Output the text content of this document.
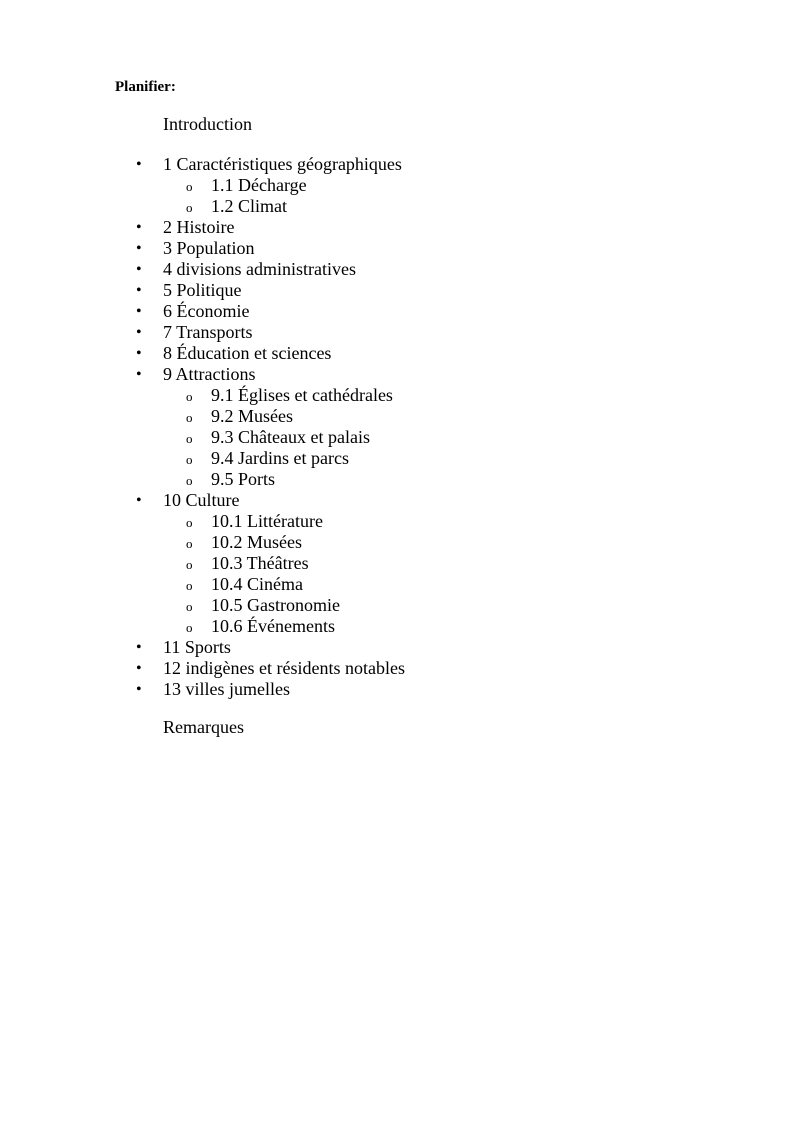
Planifier:
Introduction
•	1 Caractéristiques géographiques
o 1.1 Décharge
o 1.2 Climat
•	2 Histoire
•	3 Population
•	4 divisions administratives
•	5 Politique
•	6 Économie
•	7 Transports
•	8 Éducation et sciences
•	9 Attractions
o 9.1 Églises et cathédrales
o 9.2 Musées
o 9.3 Châteaux et palais
o 9.4 Jardins et parcs
o 9.5 Ports
•	10 Culture
o 10.1 Littérature
o 10.2 Musées
o 10.3 Théâtres
o 10.4 Cinéma
o 10.5 Gastronomie
o 10.6 Événements
•	11 Sports
•	12 indigènes et résidents notables
•	13 villes jumelles
Remarques
